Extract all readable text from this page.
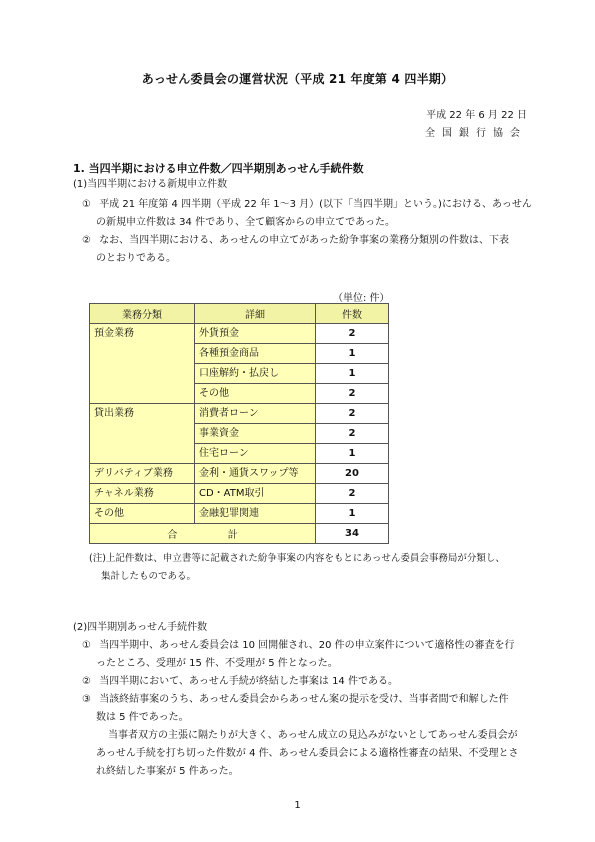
あっせん委員会の運営状況（平成 21 年度第 4 四半期）
平成 22 年 6 月 22 日
全国銀行協会
1. 当四半期における申立件数／四半期別あっせん手続件数
(1)当四半期における新規申立件数
① 平成 21 年度第 4 四半期（平成 22 年 1～3 月）(以下「当四半期」という。)における、あっせん
の新規申立件数は 34 件であり、全て顧客からの申立てであった。
② なお、当四半期における、あっせんの申立てがあった紛争事案の業務分類別の件数は、下表
のとおりである。
（単位: 件）
業務分類	詳細	件数
預金業務	外貨預金	2
	各種預金商品	1
	口座解約・払戻し	1
	その他	2
貸出業務	消費者ローン	2
	事業資金	2
	住宅ローン	1
デリバティブ業務	金利・通貨スワップ等	20
チャネル業務	CD・ATM取引	2
その他	金融犯罪関連	1
合 計		34
(注)上記件数は、申立書等に記載された紛争事案の内容をもとにあっせん委員会事務局が分類し、
集計したものである。
(2)四半期別あっせん手続件数
① 当四半期中、あっせん委員会は 10 回開催され、20 件の申立案件について適格性の審査を行
ったところ、受理が 15 件、不受理が 5 件となった。
② 当四半期において、あっせん手続が終結した事案は 14 件である。
③ 当該終結事案のうち、あっせん委員会からあっせん案の提示を受け、当事者間で和解した件
数は 5 件であった。
当事者双方の主張に隔たりが大きく、あっせん成立の見込みがないとしてあっせん委員会が
あっせん手続を打ち切った件数が 4 件、あっせん委員会による適格性審査の結果、不受理とさ
れ終結した事案が 5 件あった。
1
